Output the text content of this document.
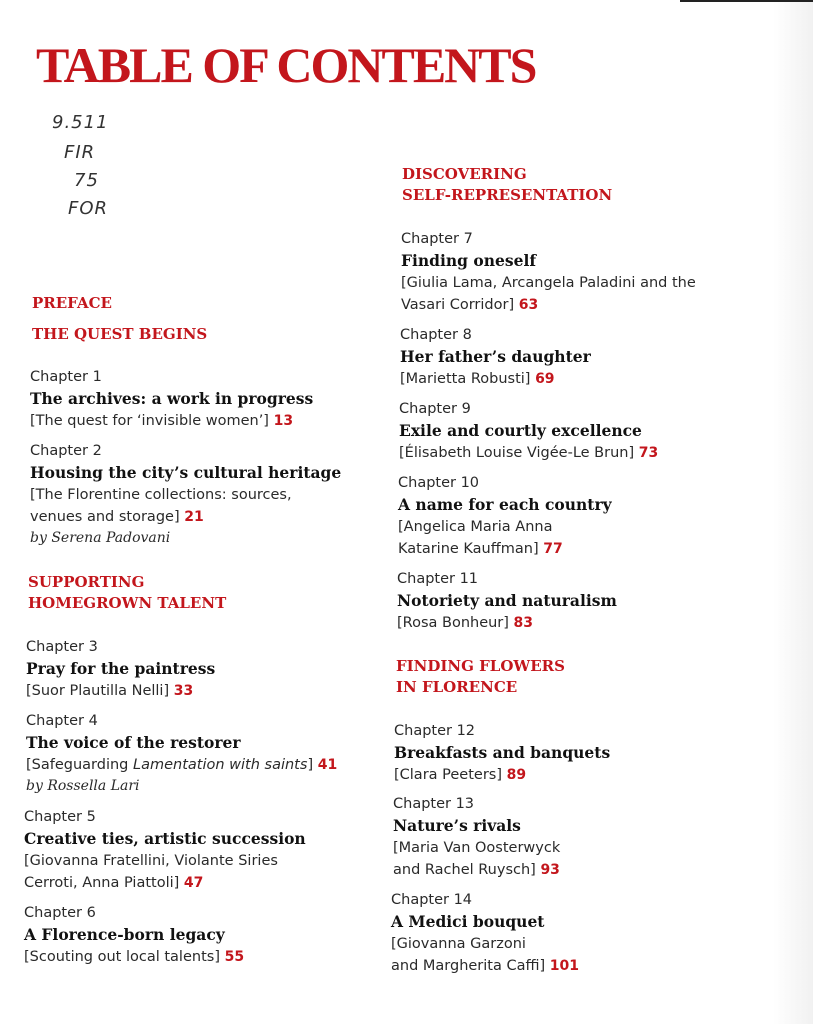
TABLE OF CONTENTS
9.511
FIR
75
FOR
PREFACE
THE QUEST BEGINS
Chapter 1
The archives: a work in progress
[The quest for ‘invisible women’] 13
Chapter 2
Housing the city’s cultural heritage
[The Florentine collections: sources,
venues and storage] 21
by Serena Padovani
SUPPORTING
HOMEGROWN TALENT
Chapter 3
Pray for the paintress
[Suor Plautilla Nelli] 33
Chapter 4
The voice of the restorer
[Safeguarding Lamentation with saints] 41
by Rossella Lari
Chapter 5
Creative ties, artistic succession
[Giovanna Fratellini, Violante Siries
Cerroti, Anna Piattoli] 47
Chapter 6
A Florence-born legacy
[Scouting out local talents] 55
DISCOVERING
SELF-REPRESENTATION
Chapter 7
Finding oneself
[Giulia Lama, Arcangela Paladini and the
Vasari Corridor] 63
Chapter 8
Her father’s daughter
[Marietta Robusti] 69
Chapter 9
Exile and courtly excellence
[Élisabeth Louise Vigée-Le Brun] 73
Chapter 10
A name for each country
[Angelica Maria Anna
Katarine Kauffman] 77
Chapter 11
Notoriety and naturalism
[Rosa Bonheur] 83
FINDING FLOWERS
IN FLORENCE
Chapter 12
Breakfasts and banquets
[Clara Peeters] 89
Chapter 13
Nature’s rivals
[Maria Van Oosterwyck
and Rachel Ruysch] 93
Chapter 14
A Medici bouquet
[Giovanna Garzoni
and Margherita Caffi] 101
